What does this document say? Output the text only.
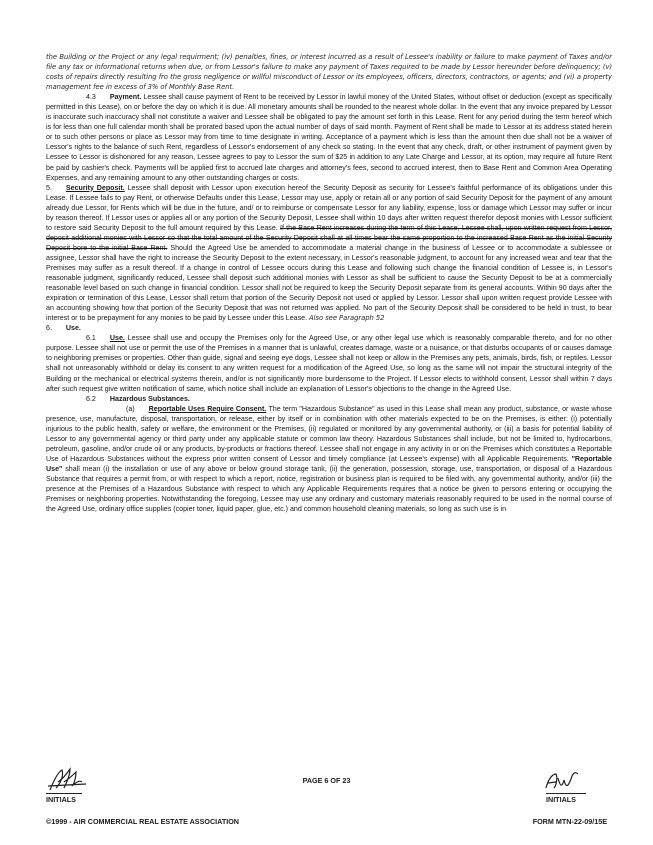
the Building or the Project or any legal requirment; (iv) penalties, fines, or interest incurred as a result of Lessee's inability or failure to make payment of Taxes and/or file any tax or informational returns when due, or from Lessor's failure to make any payment of Taxes required to be made by Lessor hereunder before delinquency; (v) costs of repairs directly resulting fro the gross negligence or willful misconduct of Lessor or its employees, officers, directors, contractors, or agents; and (vi) a property management fee in excess of 3% of Monthly Base Rent.

4.3 Payment. Lessee shall cause payment of Rent to be received by Lessor in lawful money of the United States, without offset or deduction (except as specifically permitted in this Lease), on or before the day on which it is due. All monetary amounts shall be rounded to the nearest whole dollar. In the event that any invoice prepared by Lessor is inaccurate such inaccuracy shall not constitute a waiver and Lessee shall be obligated to pay the amount set forth in this Lease. Rent for any period during the term hereof which is for less than one full calendar month shall be prorated based upon the actual number of days of said month. Payment of Rent shall be made to Lessor at its address stated herein or to such other persons or place as Lessor may from time to time designate in writing. Acceptance of a payment which is less than the amount then due shall not be a waiver of Lessor's rights to the balance of such Rent, regardless of Lessor's endorsement of any check so stating. In the event that any check, draft, or other instrument of payment given by Lessee to Lessor is dishonored for any reason, Lessee agrees to pay to Lessor the sum of $25 in addition to any Late Charge and Lessor, at its option, may require all future Rent be paid by cashier's check. Payments will be applied first to accrued late charges and attorney's fees, second to accrued interest, then to Base Rent and Common Area Operating Expenses, and any remaining amount to any other outstanding charges or costs.

5. Security Deposit. Lessee shall deposit with Lessor upon execution hereof the Security Deposit as security for Lessee's faithful performance of its obligations under this Lease. If Lessee fails to pay Rent, or otherwise Defaults under this Lease, Lessor may use, apply or retain all or any portion of said Security Deposit for the payment of any amount already due Lessor, for Rents which will be due in the future, and/ or to reimburse or compensate Lessor for any liability, expense, loss or damage which Lessor may suffer or incur by reason thereof. If Lessor uses or applies all or any portion of the Security Deposit, Lessee shall within 10 days after written request therefor deposit monies with Lessor sufficient to restore said Security Deposit to the full amount required by this Lease. If the Base Rent increases during the term of this Lease, Lessee shall, upon written request from Lessor, deposit additional monies with Lessor so that the total amount of the Security Deposit shall at all times bear the same proportion to the increased Base Rent as the initial Security Deposit bore to the initial Base Rent. Should the Agreed Use be amended to accommodate a material change in the business of Lessee or to accommodate a sublessee or assignee, Lessor shall have the right to increase the Security Deposit to the extent necessary, in Lessor's reasonable judgment, to account for any increased wear and tear that the Premises may suffer as a result thereof. If a change in control of Lessee occurs during this Lease and following such change the financial condition of Lessee is, in Lessor's reasonable judgment, significantly reduced, Lessee shall deposit such additional monies with Lessor as shall be sufficient to cause the Security Deposit to be at a commercially reasonable level based on such change in financial condition. Lessor shall not be required to keep the Security Deposit separate from its general accounts. Within 90 days after the expiration or termination of this Lease, Lessor shall return that portion of the Security Deposit not used or applied by Lessor. Lessor shall upon written request provide Lessee with an accounting showing how that portion of the Security Deposit that was not returned was applied. No part of the Security Deposit shall be considered to be held in trust, to bear interest or to be prepayment for any monies to be paid by Lessee under this Lease. Also see Paragraph 52

6. Use.

6.1 Use. Lessee shall use and occupy the Premises only for the Agreed Use, or any other legal use which is reasonably comparable thereto, and for no other purpose. Lessee shall not use or permit the use of the Premises in a manner that is unlawful, creates damage, waste or a nuisance, or that disturbs occupants of or causes damage to neighboring premises or properties. Other than guide, signal and seeing eye dogs, Lessee shall not keep or allow in the Premises any pets, animals, birds, fish, or reptiles. Lessor shall not unreasonably withhold or delay its consent to any written request for a modification of the Agreed Use, so long as the same will not impair the structural integrity of the Building or the mechanical or electrical systems therein, and/or is not significantly more burdensome to the Project. If Lessor elects to withhold consent, Lessor shall within 7 days after such request give written notification of same, which notice shall include an explanation of Lessor's objections to the change in the Agreed Use.

6.2 Hazardous Substances.

(a) Reportable Uses Require Consent. The term "Hazardous Substance" as used in this Lease shall mean any product, substance, or waste whose presence, use, manufacture, disposal, transportation, or release, either by itself or in combination with other materials expected to be on the Premises, is either: (i) potentially injurious to the public health, safety or welfare, the environment or the Premises, (ii) regulated or monitored by any governmental authority, or (iii) a basis for potential liability of Lessor to any governmental agency or third party under any applicable statute or common law theory. Hazardous Substances shall include, but not be limited to, hydrocarbons, petroleum, gasoline, and/or crude oil or any products, by-products or fractions thereof. Lessee shall not engage in any activity in or on the Premises which constitutes a Reportable Use of Hazardous Substances without the express prior written consent of Lessor and timely compliance (at Lessee's expense) with all Applicable Requirements. "Reportable Use" shall mean (i) the installation or use of any above or below ground storage tank, (ii) the generation, possession, storage, use, transportation, or disposal of a Hazardous Substance that requires a permit from, or with respect to which a report, notice, registration or business plan is required to be filed with, any governmental authority, and/or (iii) the presence at the Premises of a Hazardous Substance with respect to which any Applicable Requirements requires that a notice be given to persons entering or occupying the Premises or neighboring properties. Notwithstanding the foregoing, Lessee may use any ordinary and customary materials reasonably required to be used in the normal course of the Agreed Use, ordinary office supplies (copier toner, liquid paper, glue, etc.) and common household cleaning materials, so long as such use is in

INITIALS
PAGE 6 OF 23
INITIALS
©1999 - AIR COMMERCIAL REAL ESTATE ASSOCIATION	FORM MTN-22-09/15E
